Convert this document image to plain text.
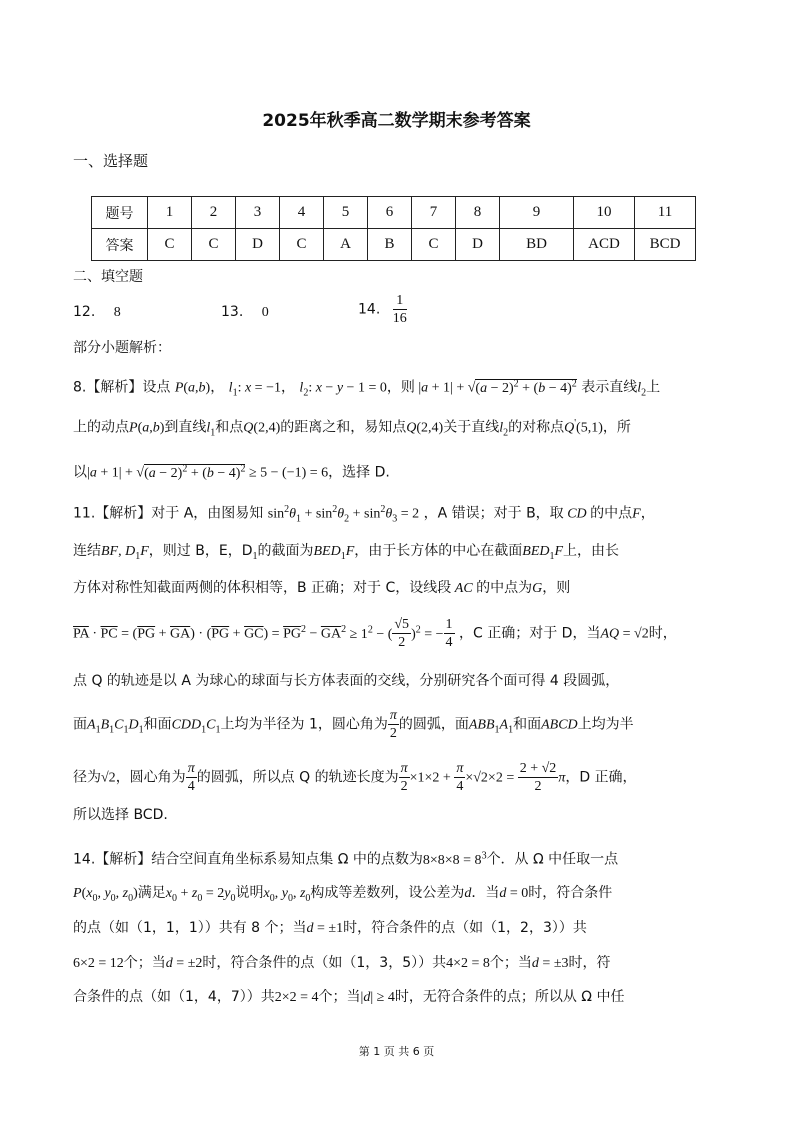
2025年秋季高二数学期末参考答案
一、选择题
题号	1	2	3	4	5	6	7	8	9	10	11
答案	C	C	D	C	A	B	C	D	BD	ACD	BCD
二、填空题
12. 8	13. 0	14. $\frac{1}{16}$
部分小题解析：
8.【解析】设点 P(a,b)， $l_1$: x = −1， $l_2$: x − y − 1 = 0，则 $|a + 1| + √(a - 2)^2 + (b - 4)^2$ 表示直线$l_2$上
上的动点P(a,b)到直线$l_1$和点Q(2,4)的距离之和，易知点Q(2,4)关于直线$l_2$的对称点Q'(5,1)，所
以$|a + 1| + √(a - 2)^2 + (b - 4)^2 \ge 5 - (-1) = 6$，选择 D.
11.【解析】对于 A，由图易知 $\sin^2\theta_1 + \sin^2\theta_2 + \sin^2\theta_3 = 2$ ，A 错误；对于 B，取 CD 的中点F，
连结BF, $D_1F$，则过 B，E，$D_1$的截面为$BED_1F$，由于长方体的中心在截面$BED_1F$上，由长
方体对称性知截面两侧的体积相等，B 正确；对于 C，设线段 AC 的中点为G，则
$\overline{PA} \cdot \overline{PC} = (\overline{PG} + \overline{GA}) \cdot (\overline{PG} + \overline{GC}) = \overline{PG}^2 - \overline{GA}^2 \ge 1^2$ − ( $\frac{√5}{2} )^2$ = − $\frac{1}{4}$ ，C 正确；对于 D，当AQ = √2时，
点 Q 的轨迹是以 A 为球心的球面与长方体表面的交线，分别研究各个面可得 4 段圆弧，
面$A_1B_1C_1D_1$和面$CDD_1C_1$上均为半径为 1，圆心角为 $\frac{\pi}{2}$ 的圆弧，面$ABB_1A_1$和面ABCD上均为半
径为√2，圆心角为 $\frac{\pi}{4}$ 的圆弧，所以点 Q 的轨迹长度为 $\frac{\pi}{2} \times 1\times 2 + \frac{\pi}{4} \times√2\times 2 = \frac{2 + √2}{2}$ π，D 正确，
所以选择 BCD.
14.【解析】结合空间直角坐标系易知点集 Ω 中的点数为$8\times 8\times 8 = 8^3$个．从 Ω 中任取一点
$P(x_0$, $y_0$, $z_0$)满足$x_0 + z_0 = 2y_0$说明$x_0$, $y_0$, $z_0$构成等差数列，设公差为d．当d = 0时，符合条件
的点（如（1，1，1））共有 8 个；当d = ±1时，符合条件的点（如（1，2，3））共
6×2 = 12个；当d = ±2时，符合条件的点（如（1，3，5））共4×2 = 8个；当d = ±3时，符
合条件的点（如（1，4，7））共2×2 = 4个；当|d| ≥ 4时，无符合条件的点；所以从 Ω 中任
第 1 页 共 6 页
